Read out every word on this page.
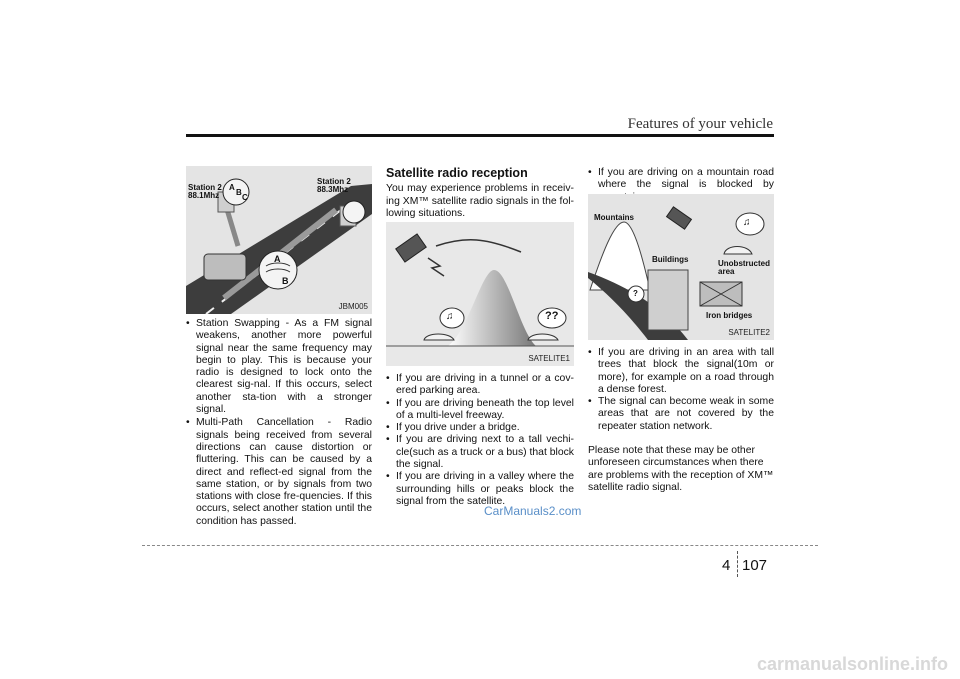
Features of your vehicle
Station 2
88.1Mhz
Station 2
88.3Mhz
A
B
C
A
B
JBM005
• Station Swapping - As a FM signal weakens, another more powerful signal near the same frequency may begin to play. This is because your radio is designed to lock onto the clearest sig-nal. If this occurs, select another sta-tion with a stronger signal.
• Multi-Path Cancellation - Radio signals being received from several directions can cause distortion or fluttering. This can be caused by a direct and reflect-ed signal from the same station, or by signals from two stations with close fre-quencies. If this occurs, select another station until the condition has passed.
Satellite radio reception

You may experience problems in receiv-ing XM™ satellite radio signals in the fol-lowing situations.

♫	??
SATELITE1
• If you are driving in a tunnel or a cov-ered parking area.
• If you are driving beneath the top level of a multi-level freeway.
• If you drive under a bridge.
• If you are driving next to a tall vechi-cle(such as a truck or a bus) that block the signal.
• If you are driving in a valley where the surrounding hills or peaks block the signal from the satellite.
• If you are driving on a mountain road where the signal is blocked by
Mountains
Buildings	Unobstructed
area
Iron bridges
?
♫
SATELITE2
• If you are driving in an area with tall trees that block the signal(10m or more), for example on a road through a dense forest.
• The signal can become weak in some areas that are not covered by the repeater station network.

Please note that these may be other unforeseen circumstances when there are problems with the reception of XM™ satellite radio signal.

CarManuals2.com
4 107
carmanualsonline.info
